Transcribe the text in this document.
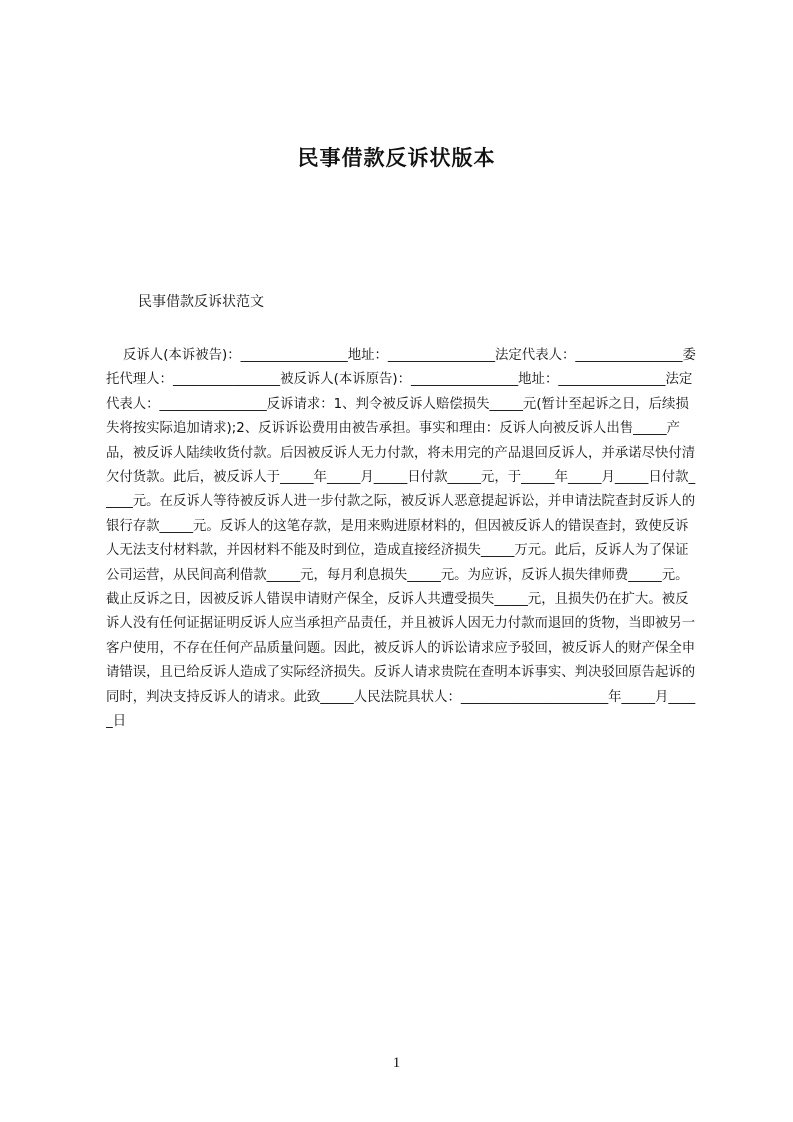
民事借款反诉状版本
民事借款反诉状范文
反诉人(本诉被告)：________________地址：________________法定代表人：________________委托代理人：________________被反诉人(本诉原告)：________________地址：________________法定代表人：________________反诉请求：1、判令被反诉人赔偿损失_____元(暂计至起诉之日，后续损失将按实际追加请求);2、反诉诉讼费用由被告承担。事实和理由：反诉人向被反诉人出售_____产品，被反诉人陆续收货付款。后因被反诉人无力付款，将未用完的产品退回反诉人，并承诺尽快付清欠付货款。此后，被反诉人于_____年_____月_____日付款_____元，于_____年_____月_____日付款_____元。在反诉人等待被反诉人进一步付款之际，被反诉人恶意提起诉讼，并申请法院查封反诉人的银行存款_____元。反诉人的这笔存款，是用来购进原材料的，但因被反诉人的错误查封，致使反诉人无法支付材料款，并因材料不能及时到位，造成直接经济损失_____万元。此后，反诉人为了保证公司运营，从民间高利借款_____元，每月利息损失_____元。为应诉，反诉人损失律师费_____元。截止反诉之日，因被反诉人错误申请财产保全，反诉人共遭受损失_____元，且损失仍在扩大。被反诉人没有任何证据证明反诉人应当承担产品责任，并且被诉人因无力付款而退回的货物，当即被另一客户使用，不存在任何产品质量问题。因此，被反诉人的诉讼请求应予驳回，被反诉人的财产保全申请错误，且已给反诉人造成了实际经济损失。反诉人请求贵院在查明本诉事实、判决驳回原告起诉的同时，判决支持反诉人的请求。此致_____人民法院具状人：______________________年_____月_____日
1
